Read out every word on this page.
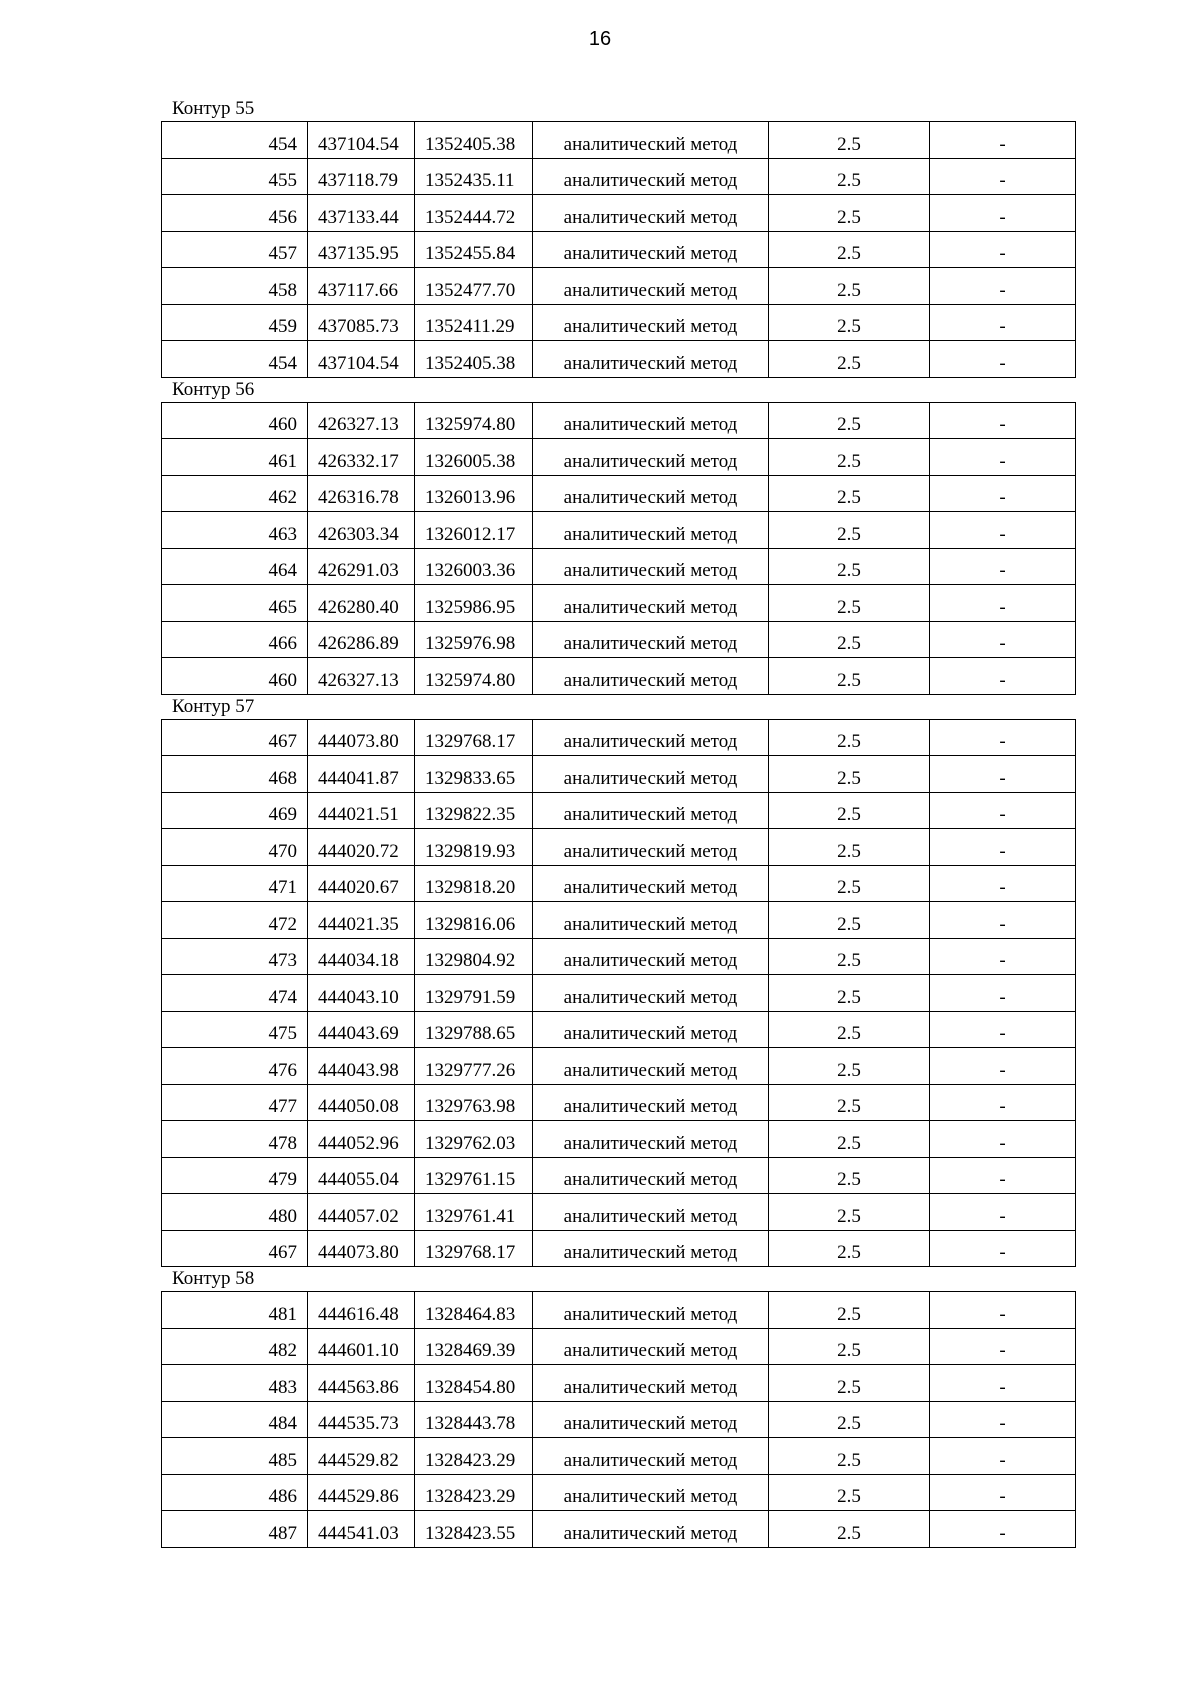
16
Контур 55
454	437104.54	1352405.38	аналитический метод	2.5	-
455	437118.79	1352435.11	аналитический метод	2.5	-
456	437133.44	1352444.72	аналитический метод	2.5	-
457	437135.95	1352455.84	аналитический метод	2.5	-
458	437117.66	1352477.70	аналитический метод	2.5	-
459	437085.73	1352411.29	аналитический метод	2.5	-
454	437104.54	1352405.38	аналитический метод	2.5	-
Контур 56
460	426327.13	1325974.80	аналитический метод	2.5	-
461	426332.17	1326005.38	аналитический метод	2.5	-
462	426316.78	1326013.96	аналитический метод	2.5	-
463	426303.34	1326012.17	аналитический метод	2.5	-
464	426291.03	1326003.36	аналитический метод	2.5	-
465	426280.40	1325986.95	аналитический метод	2.5	-
466	426286.89	1325976.98	аналитический метод	2.5	-
460	426327.13	1325974.80	аналитический метод	2.5	-
Контур 57
467	444073.80	1329768.17	аналитический метод	2.5	-
468	444041.87	1329833.65	аналитический метод	2.5	-
469	444021.51	1329822.35	аналитический метод	2.5	-
470	444020.72	1329819.93	аналитический метод	2.5	-
471	444020.67	1329818.20	аналитический метод	2.5	-
472	444021.35	1329816.06	аналитический метод	2.5	-
473	444034.18	1329804.92	аналитический метод	2.5	-
474	444043.10	1329791.59	аналитический метод	2.5	-
475	444043.69	1329788.65	аналитический метод	2.5	-
476	444043.98	1329777.26	аналитический метод	2.5	-
477	444050.08	1329763.98	аналитический метод	2.5	-
478	444052.96	1329762.03	аналитический метод	2.5	-
479	444055.04	1329761.15	аналитический метод	2.5	-
480	444057.02	1329761.41	аналитический метод	2.5	-
467	444073.80	1329768.17	аналитический метод	2.5	-
Контур 58
481	444616.48	1328464.83	аналитический метод	2.5	-
482	444601.10	1328469.39	аналитический метод	2.5	-
483	444563.86	1328454.80	аналитический метод	2.5	-
484	444535.73	1328443.78	аналитический метод	2.5	-
485	444529.82	1328423.29	аналитический метод	2.5	-
486	444529.86	1328423.29	аналитический метод	2.5	-
487	444541.03	1328423.55	аналитический метод	2.5	-
